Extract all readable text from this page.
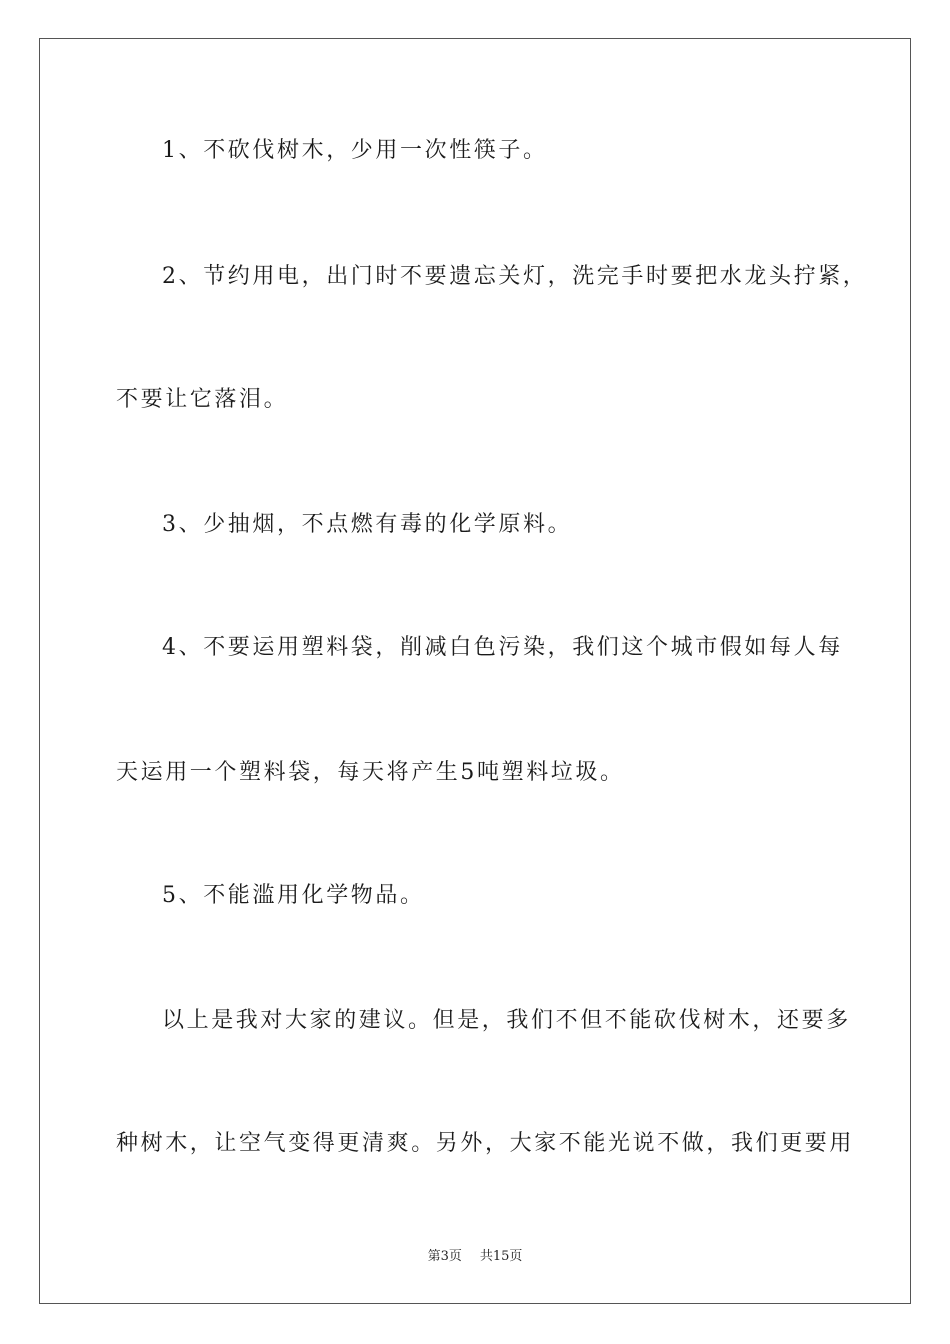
1、不砍伐树木，少用一次性筷子。
2、节约用电，出门时不要遗忘关灯，洗完手时要把水龙头拧紧，
不要让它落泪。
3、少抽烟，不点燃有毒的化学原料。
4、不要运用塑料袋，削减白色污染，我们这个城市假如每人每
天运用一个塑料袋，每天将产生5吨塑料垃圾。
5、不能滥用化学物品。
以上是我对大家的建议。但是，我们不但不能砍伐树木，还要多
种树木，让空气变得更清爽。另外，大家不能光说不做，我们更要用
第3页 共15页
